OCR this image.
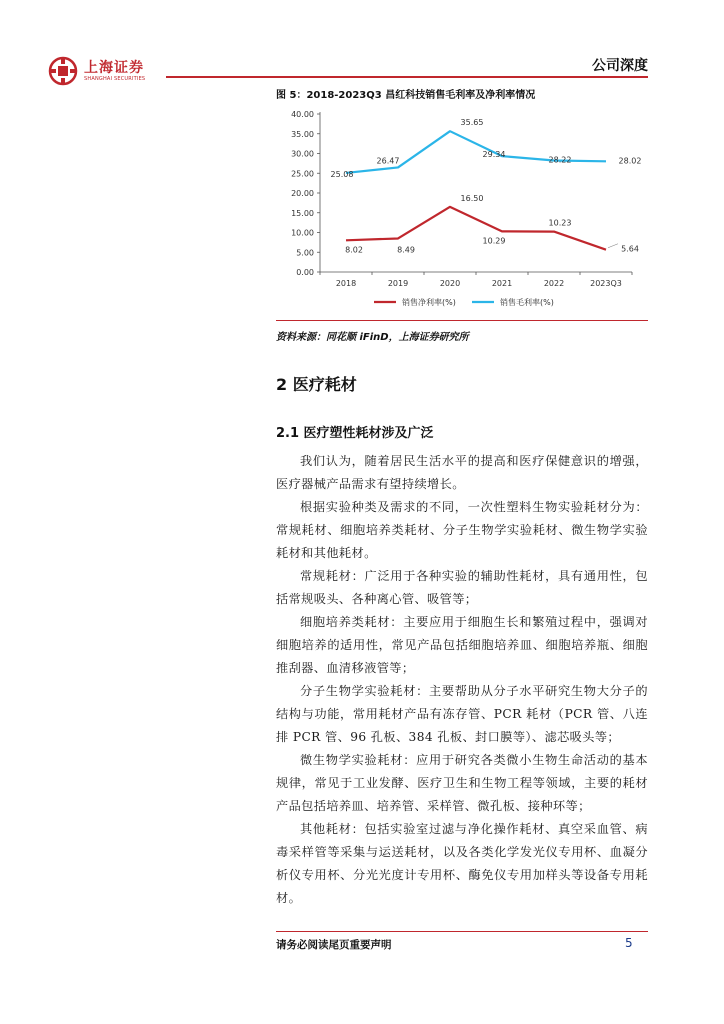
上海证券
SHANGHAI SECURITIES
公司深度
图 5：2018-2023Q3 昌红科技销售毛利率及净利率情况
0.00
5.00
10.00
15.00
20.00
25.00
30.00
35.00
40.00
2018	2019	2020	2021	2022	2023Q3
8.02	8.49
16.50
10.29
10.23
5.64
25.08
26.47
35.65
29.34
28.22	28.02
销售净利率(%)	销售毛利率(%)
资料来源：同花顺 iFinD，上海证券研究所
2 医疗耗材
2.1 医疗塑性耗材涉及广泛

我们认为，随着居民生活水平的提高和医疗保健意识的增强，医疗器械产品需求有望持续增长。

根据实验种类及需求的不同，一次性塑料生物实验耗材分为：常规耗材、细胞培养类耗材、分子生物学实验耗材、微生物学实验耗材和其他耗材。

常规耗材：广泛用于各种实验的辅助性耗材，具有通用性，包括常规吸头、各种离心管、吸管等；

细胞培养类耗材：主要应用于细胞生长和繁殖过程中，强调对细胞培养的适用性，常见产品包括细胞培养皿、细胞培养瓶、细胞推刮器、血清移液管等；

分子生物学实验耗材：主要帮助从分子水平研究生物大分子的结构与功能，常用耗材产品有冻存管、PCR 耗材（PCR 管、八连排 PCR 管、96 孔板、384 孔板、封口膜等）、滤芯吸头等；

微生物学实验耗材：应用于研究各类微小生物生命活动的基本规律，常见于工业发酵、医疗卫生和生物工程等领域，主要的耗材产品包括培养皿、培养管、采样管、微孔板、接种环等；

其他耗材：包括实验室过滤与净化操作耗材、真空采血管、病毒采样管等采集与运送耗材，以及各类化学发光仪专用杯、血凝分析仪专用杯、分光光度计专用杯、酶免仪专用加样头等设备专用耗材。

请务必阅读尾页重要声明	5
